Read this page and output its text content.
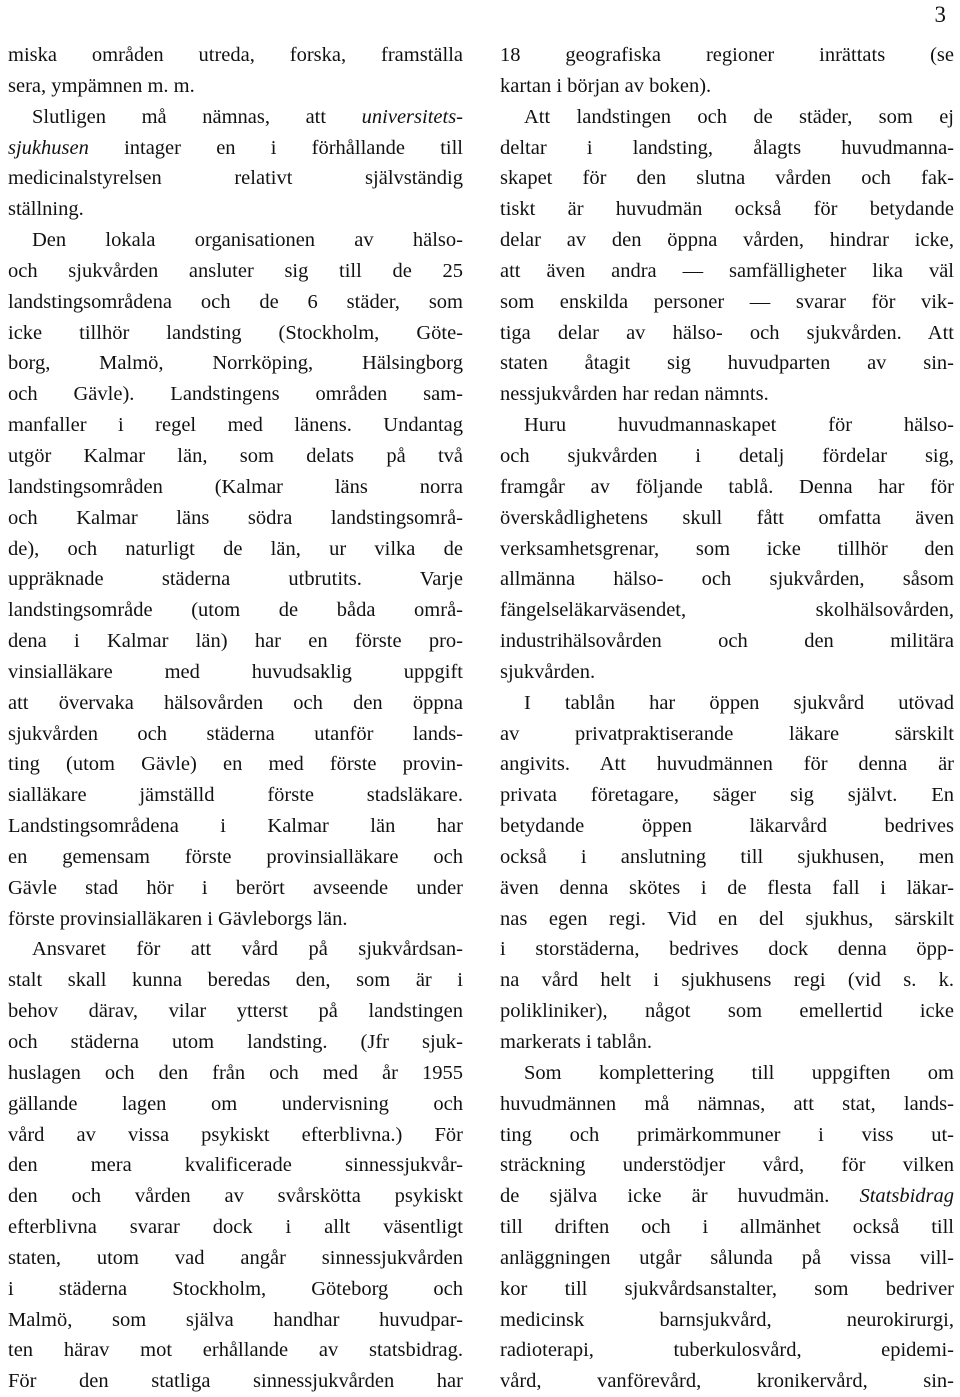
3
miska områden utreda, forska, framställa
sera, ympämnen m. m.
Slutligen må nämnas, att universitets-
sjukhusen intager en i förhållande till
medicinalstyrelsen relativt självständig
ställning.
Den lokala organisationen av hälso-
och sjukvården ansluter sig till de 25
landstingsområdena och de 6 städer, som
icke tillhör landsting (Stockholm, Göte-
borg, Malmö, Norrköping, Hälsingborg
och Gävle). Landstingens områden sam-
manfaller i regel med länens. Undantag
utgör Kalmar län, som delats på två
landstingsområden (Kalmar läns norra
och Kalmar läns södra landstingsområ-
de), och naturligt de län, ur vilka de
uppräknade städerna utbrutits. Varje
landstingsområde (utom de båda områ-
dena i Kalmar län) har en förste pro-
vinsialläkare med huvudsaklig uppgift
att övervaka hälsovården och den öppna
sjukvården och städerna utanför lands-
ting (utom Gävle) en med förste provin-
sialläkare jämställd förste stadsläkare.
Landstingsområdena i Kalmar län har
en gemensam förste provinsialläkare och
Gävle stad hör i berört avseende under
förste provinsialläkaren i Gävleborgs län.
Ansvaret för att vård på sjukvårdsan-
stalt skall kunna beredas den, som är i
behov därav, vilar ytterst på landstingen
och städerna utom landsting. (Jfr sjuk-
huslagen och den från och med år 1955
gällande lagen om undervisning och
vård av vissa psykiskt efterblivna.) För
den mera kvalificerade sinnessjukvår-
den och vården av svårskötta psykiskt
efterblivna svarar dock i allt väsentligt
staten, utom vad angår sinnessjukvården
i städerna Stockholm, Göteborg och
Malmö, som själva handhar huvudpar-
ten härav mot erhållande av statsbidrag.
För den statliga sinnessjukvården har
18 geografiska regioner inrättats (se
kartan i början av boken).
Att landstingen och de städer, som ej
deltar i landsting, ålagts huvudmanna-
skapet för den slutna vården och fak-
tiskt är huvudmän också för betydande
delar av den öppna vården, hindrar icke,
att även andra — samfälligheter lika väl
som enskilda personer — svarar för vik-
tiga delar av hälso- och sjukvården. Att
staten åtagit sig huvudparten av sin-
nessjukvården har redan nämnts.
Huru huvudmannaskapet för hälso-
och sjukvården i detalj fördelar sig,
framgår av följande tablå. Denna har för
överskådlighetens skull fått omfatta även
verksamhetsgrenar, som icke tillhör den
allmänna hälso- och sjukvården, såsom
fängelseläkarväsendet, skolhälsovården,
industrihälsovården och den militära
sjukvården.
I tablån har öppen sjukvård utövad
av privatpraktiserande läkare särskilt
angivits. Att huvudmännen för denna är
privata företagare, säger sig självt. En
betydande öppen läkarvård bedrives
också i anslutning till sjukhusen, men
även denna skötes i de flesta fall i läkar-
nas egen regi. Vid en del sjukhus, särskilt
i storstäderna, bedrives dock denna öpp-
na vård helt i sjukhusens regi (vid s. k.
polikliniker), något som emellertid icke
markerats i tablån.
Som komplettering till uppgiften om
huvudmännen må nämnas, att stat, lands-
ting och primärkommuner i viss ut-
sträckning understödjer vård, för vilken
de själva icke är huvudmän. Statsbidrag
till driften och i allmänhet också till
anläggningen utgår sålunda på vissa vill-
kor till sjukvårdsanstalter, som bedriver
medicinsk barnsjukvård, neurokirurgi,
radioterapi, tuberkulosvård, epidemi-
vård, vanförevård, kronikervård, sin-
